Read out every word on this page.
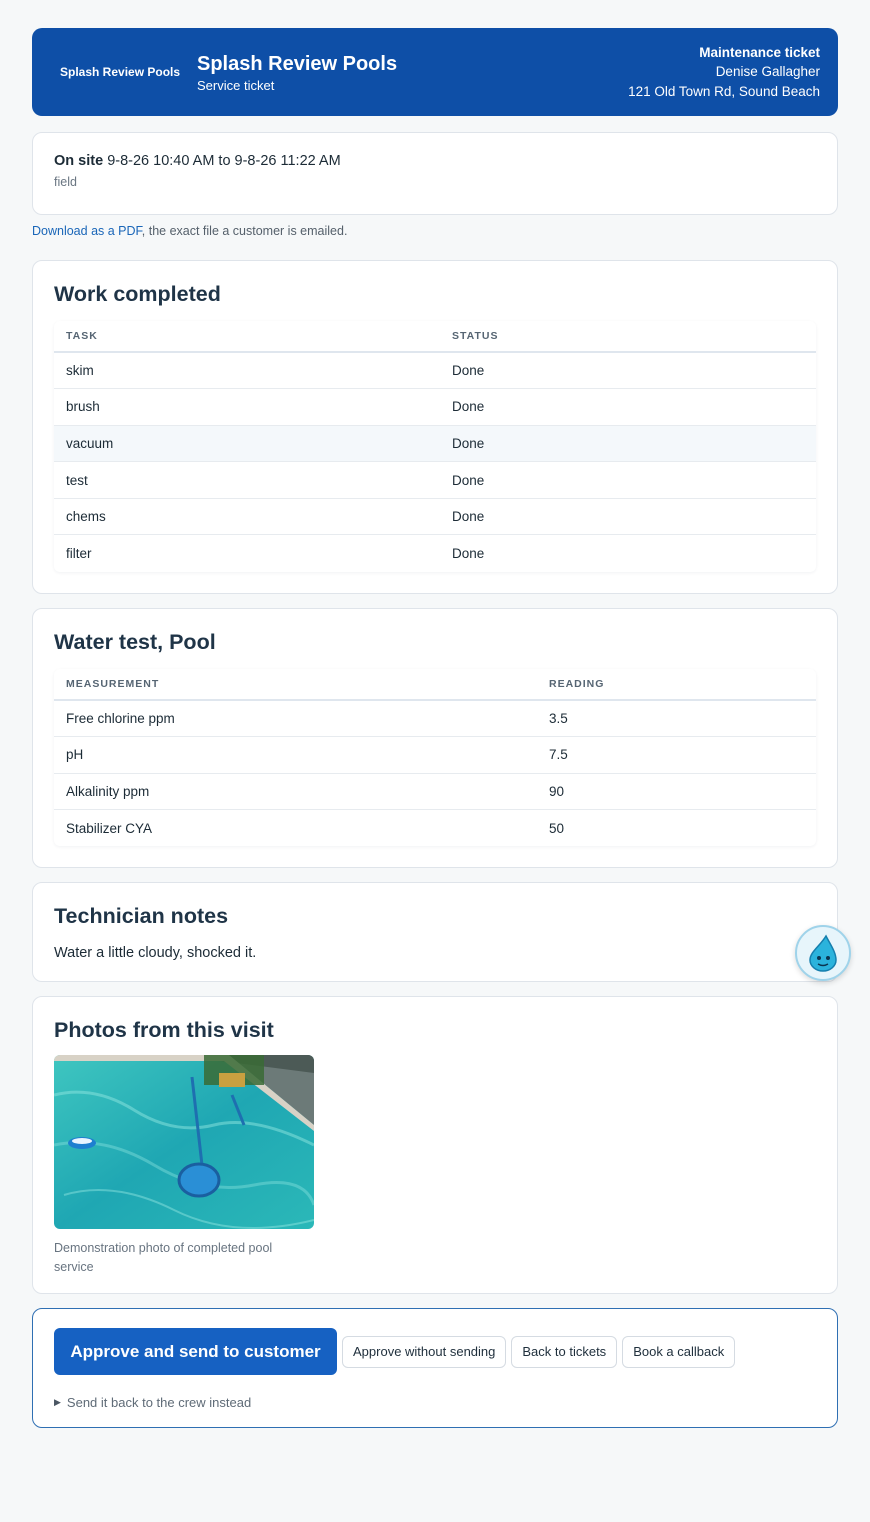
Splash Review Pools Splash Review Pools
Service ticket
Maintenance ticket
Denise Gallagher
121 Old Town Rd, Sound Beach
On site 9-8-26 10:40 AM to 9-8-26 11:22 AM
field
Download as a PDF, the exact file a customer is emailed.
Work completed
TASK	STATUS
skim	Done
brush	Done
vacuum	Done
test	Done
chems	Done
filter	Done
Water test, Pool
MEASUREMENT	READING
Free chlorine ppm	3.5
pH	7.5
Alkalinity ppm	90
Stabilizer CYA	50
Technician notes

Water a little cloudy, shocked it.

Photos from this visit
Demonstration photo of completed pool service
Approve and send to customer	Approve without sending	Back to tickets	Book a callback
▶ Send it back to the crew instead
